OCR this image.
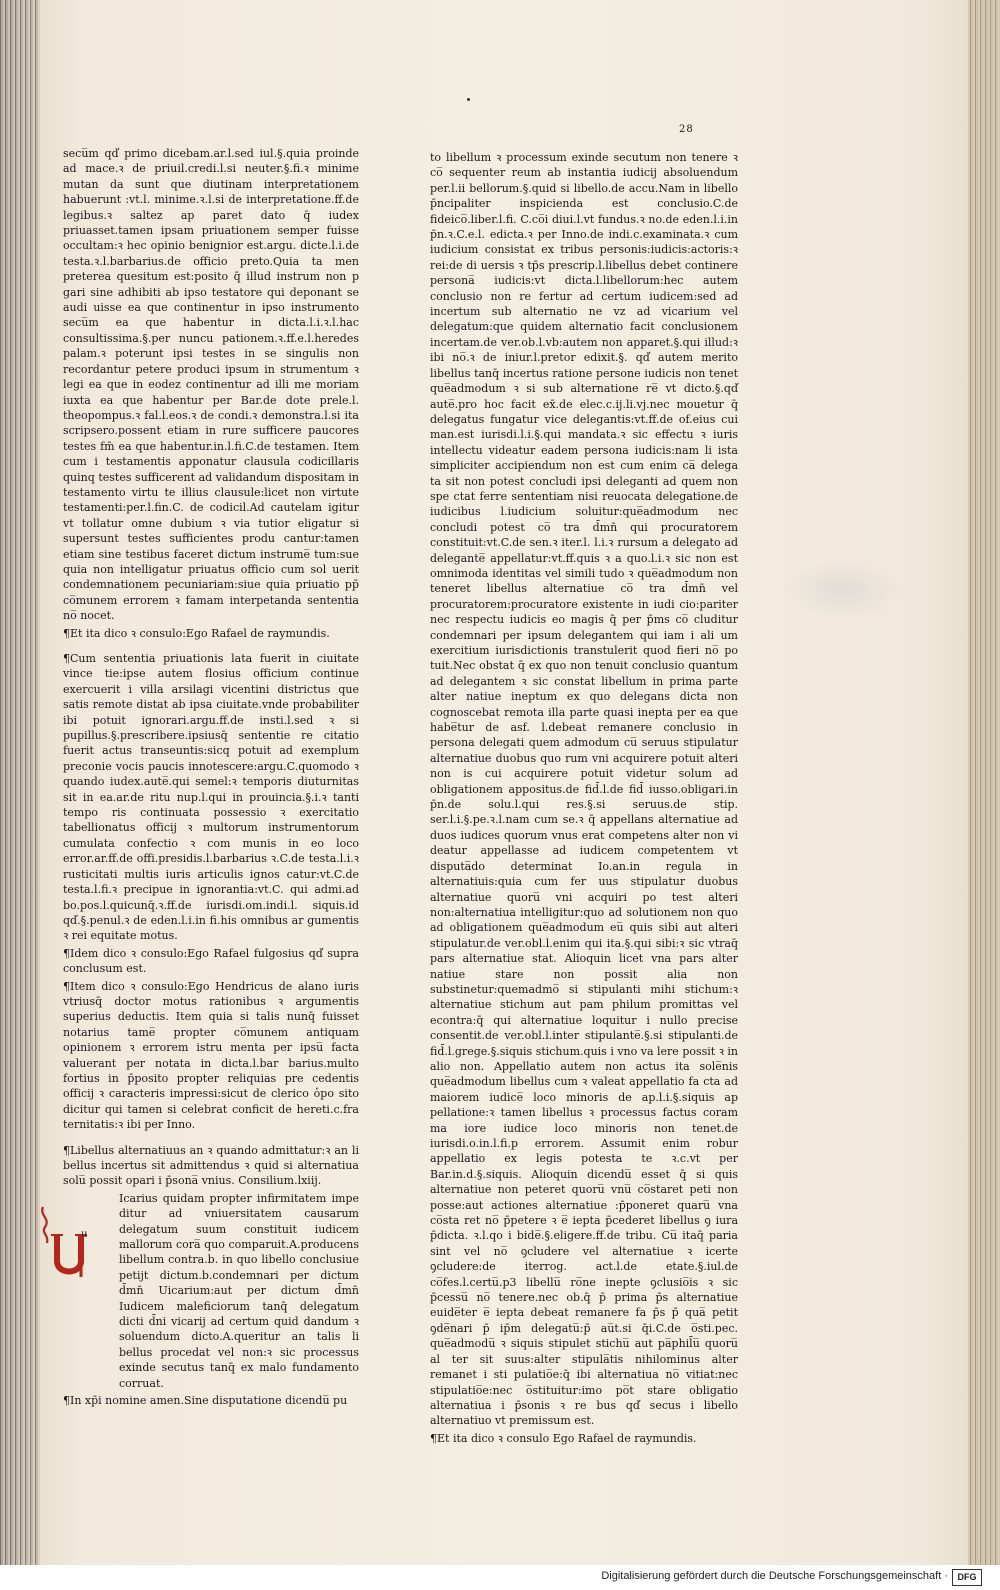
28

secu̅m qd̕ primo dicebam.ar.l.sed iul.§.quia proinde ad mace.ꝛ de priuil.credi.l.si neuter.§.fi.ꝛ minime mutan da sunt que diutinam interpretationem habuerunt :vt.l. minime.ꝛ.l.si de interpretatione.ff.de legibus.ꝛ saltez ap paret dato q̄ iudex priuasset.tamen ipsam priuationem semper fuisse occultam:ꝛ hec opinio benignior est.argu. dicte.l.i.de testa.ꝛ.l.barbarius.de officio preto.Quia ta men preterea quesitum est:posito q̄ illud instrum non p gari sine adhibiti ab ipso testatore qui deponant se audi uisse ea que continentur in ipso instrumento secu̅m ea que habentur in dicta.l.i.ꝛ.l.hac consultissima.§.per nuncu pationem.ꝛ.ff.e.l.heredes palam.ꝛ poterunt ipsi testes in se singulis non recordantur petere produci ipsum in strumentum ꝛ legi ea que in eodez continentur ad illi me moriam iuxta ea que habentur per Bar.de dote prele.l. theopompus.ꝛ fal.l.eos.ꝛ de condi.ꝛ demonstra.l.si ita scripsero.possent etiam in rure sufficere paucores testes fm̄ ea que habentur.in.l.fi.C.de testamen. Item cum i testamentis apponatur clausula codicillaris quinq testes sufficerent ad validandum dispositam in testamento virtu te illius clausule:licet non virtute testamenti:per.l.fin.C. de codicil.Ad cautelam igitur vt tollatur omne dubium ꝛ via tutior eligatur si supersunt testes sufficientes produ cantur:tamen etiam sine testibus faceret dictum instrume̅ tum:sue quia non intelligatur priuatus officio cum sol uerit condemnationem pecuniariam:siue quia priuatio pp̄ co̅munem errorem ꝛ famam interpetanda sententia no̅ nocet.

¶Et ita dico ꝛ consulo:Ego Rafael de raymundis.

¶Cum sententia priuationis lata fuerit in ciuitate vince tie:ipse autem flosius officium continue exercuerit i villa arsilagi vicentini districtus que satis remote distat ab ipsa ciuitate.vnde probabiliter ibi potuit ignorari.argu.ff.de insti.l.sed ꝛ si pupillus.§.prescribere.ipsiusq̄ sententie re citatio fuerit actus transeuntis:sicq potuit ad exemplum preconie vocis paucis innotescere:argu.C.quomodo ꝛ quando iudex.aute̅.qui semel:ꝛ temporis diuturnitas sit in ea.ar.de ritu nup.l.qui in prouincia.§.i.ꝛ tanti tempo ris continuata possessio ꝛ exercitatio tabellionatus officij ꝛ multorum instrumentorum cumulata confectio ꝛ com munis in eo loco error.ar.ff.de offi.presidis.l.barbarius ꝛ.C.de testa.l.i.ꝛ rusticitati multis iuris articulis ignos catur:vt.C.de testa.l.fi.ꝛ precipue in ignorantia:vt.C. qui admi.ad bo.pos.l.quicunq̄.ꝛ.ff.de iurisdi.om.indi.l. siquis.id qd̕.§.penul.ꝛ de eden.l.i.in fi.his omnibus ar gumentis ꝛ rei equitate motus.

¶Idem dico ꝛ consulo:Ego Rafael fulgosius qd̕ supra conclusum est.

¶Item dico ꝛ consulo:Ego Hendricus de alano iuris vtriusq̄ doctor motus rationibus ꝛ argumentis superius deductis. Item quia si talis nunq̄ fuisset notarius tame̅ propter co̅munem antiquam opinionem ꝛ errorem istru menta per ipsu̅ facta valuerant per notata in dicta.l.bar barius.multo fortius in p̄posito propter reliquias pre cedentis officij ꝛ caracteris impressi:sicut de clerico ὁpo sito dicitur qui tamen si celebrat conficit de hereti.c.fra ternitatis:ꝛ ibi per Inno.

¶Libellus alternatiuus an ꝛ quando admittatur:ꝛ an li bellus incertus sit admittendus ꝛ quid si alternatiua solu̅ possit opari i p̄sona̅ vnius. Consilium.lxiij.

u

Icarius quidam propter infirmitatem impe ditur ad vniuersitatem causarum delegatum suum constituit iudicem mallorum cora̅ quo comparuit.A.producens libellum contra.b. in quo libello conclusiue petijt dictum.b.condemnari per dictum d̄mn̄ Uicarium:aut per dictum d̄mn̄ Iudicem maleficiorum tanq̄ delegatum dicti d̄ni vicarij ad certum quid dandum ꝛ soluendum dicto.A.queritur an talis li bellus procedat vel non:ꝛ sic processus exinde secutus tanq̄ ex malo fundamento corruat.

¶In xp̄i nomine amen.Sine disputatione dicendu̅ pu

to libellum ꝛ processum exinde secutum non tenere ꝛ co̅ sequenter reum ab instantia iudicij absoluendum per.l.ii bellorum.§.quid si libello.de accu.Nam in libello p̄ncipaliter inspicienda est conclusio.C.de fideico̅.liber.l.fi. C.co̅i diui.l.vt fundus.ꝛ no.de eden.l.i.in p̄n.ꝛ.C.e.l. edicta.ꝛ per Inno.de indi.c.examinata.ꝛ cum iudicium consistat ex tribus personis:iudicis:actoris:ꝛ rei:de di uersis ꝛ tp̄s prescrip.l.libellus debet continere persona̅ iudicis:vt dicta.l.libellorum:hec autem conclusio non re fertur ad certum iudicem:sed ad incertum sub alternatio ne vz ad vicarium vel delegatum:que quidem alternatio facit conclusionem incertam.de ver.ob.l.vb:autem non apparet.§.qui illud:ꝛ ibi no̅.ꝛ de iniur.l.pretor edixit.§. qd̕ autem merito libellus tanq̄ incertus ratione persone iudicis non tenet que̅admodum ꝛ si sub alternatione re̅ vt dicto.§.qd̕ aute̅.pro hoc facit ex̄.de elec.c.ij.li.vj.nec mouetur q̄ delegatus fungatur vice delegantis:vt.ff.de of.eius cui man.est iurisdi.l.i.§.qui mandata.ꝛ sic effectu ꝛ iuris intellectu videatur eadem persona iudicis:nam li ista simpliciter accipiendum non est cum enim ca̅ delega ta sit non potest concludi ipsi deleganti ad quem non spe ctat ferre sententiam nisi reuocata delegatione.de iudicibus l.iudicium soluitur:que̅admodum nec concludi potest co̅ tra d̄mn̄ qui procuratorem constituit:vt.C.de sen.ꝛ iter.l. l.i.ꝛ rursum a delegato ad delegante̅ appellatur:vt.ff.quis ꝛ a quo.l.i.ꝛ sic non est omnimoda identitas vel simili tudo ꝛ que̅admodum non teneret libellus alternatiue co̅ tra d̄mn̄ vel procuratorem:procuratore existente in iudi cio:pariter nec respectu iudicis eo magis q̄ per p̄ms co̅ cluditur condemnari per ipsum delegantem qui iam i ali um exercitium iurisdictionis transtulerit quod fieri no̅ po tuit.Nec obstat q̄ ex quo non tenuit conclusio quantum ad delegantem ꝛ sic constat libellum in prima parte alter natiue ineptum ex quo delegans dicta non cognoscebat remota illa parte quasi inepta per ea que habe̅tur de asf. l.debeat remanere conclusio in persona delegati quem admodum cu̅ seruus stipulatur alternatiue duobus quo rum vni acquirere potuit alteri non is cui acquirere potuit videtur solum ad obligationem appositus.de fid̄.l.de fid̄ iusso.obligari.in p̄n.de solu.l.qui res.§.si seruus.de stip. ser.l.i.§.pe.ꝛ.l.nam cum se.ꝛ q̄ appellans alternatiue ad duos iudices quorum vnus erat competens alter non vi deatur appellasse ad iudicem competentem vt disputa̅do determinat Io.an.in regula in alternatiuis:quia cum fer uus stipulatur duobus alternatiue quoru̅ vni acquiri po test alteri non:alternatiua intelligitur:quo ad solutionem non quo ad obligationem que̅admodum eu̅ quis sibi aut alteri stipulatur.de ver.obl.l.enim qui ita.§.qui sibi:ꝛ sic vtraq̄ pars alternatiue stat. Alioquin licet vna pars alter natiue stare non possit alia non substinetur:quemadmo̅ si stipulanti mihi stichum:ꝛ alternatiue stichum aut pam philum promittas vel econtra:q̄ qui alternatiue loquitur i nullo precise consentit.de ver.obl.l.inter stipulante̅.§.si stipulanti.de fid̄.l.grege.§.siquis stichum.quis i vno va lere possit ꝛ in alio non. Appellatio autem non actus ita sole̅nis que̅admodum libellus cum ꝛ valeat appellatio fa cta ad maiorem iudice̅ loco minoris de ap.l.i.§.siquis ap pellatione:ꝛ tamen libellus ꝛ processus factus coram ma iore iudice loco minoris non tenet.de iurisdi.o.in.l.fi.p errorem. Assumit enim robur appellatio ex legis potesta te ꝛ.c.vt per Bar.in.d.§.siquis. Alioquin dicendu̅ esset q̄ si quis alternatiue non peteret quoru̅ vnu̅ co̅staret peti non posse:aut actiones alternatiue :p̄poneret quaru̅ vna co̅sta ret no̅ p̄petere ꝛ e̅ iepta p̄cederet libellus ꝯ iura p̄dicta. ꝛ.l.qo i bide̅.§.eligere.ff.de tribu. Cu̅ itaq̄ paria sint vel no̅ ꝯcludere vel alternatiue ꝛ icerte ꝯcludere:de iterrog. act.l.de etate.§.iul.de co̅fes.l.certu̅.p3 libellu̅ ro̅ne inepte ꝯclusio̅is ꝛ sic p̄cessu̅ no̅ tenere.nec ob.q̄ p̄ prima p̄s alternatiue euide̅ter e̅ iepta debeat remanere fa p̄s p̄ qua̅ petit ꝯde̅nari p̄ ip̄m delegatu̅:p̄ au̅t.si q̄i.C.de o̅sti.pec. que̅admodu̅ ꝛ siquis stipulet stichu̅ aut pa̅phil̄u̅ quoru̅ al ter sit suus:alter stipula̅tis nihilominus alter remanet i sti pulatio̅e:q̄ ibi alternatiua no̅ vitiat:nec stipulatio̅e:nec o̅stituitur:imo po̅t stare obligatio alternatiua i p̄sonis ꝛ re bus qd̕ secus i libello alternatiuo vt premissum est.

¶Et ita dico ꝛ consulo Ego Rafael de raymundis.

Digitalisierung gefördert durch die Deutsche Forschungsgemeinschaft ·	DFG
